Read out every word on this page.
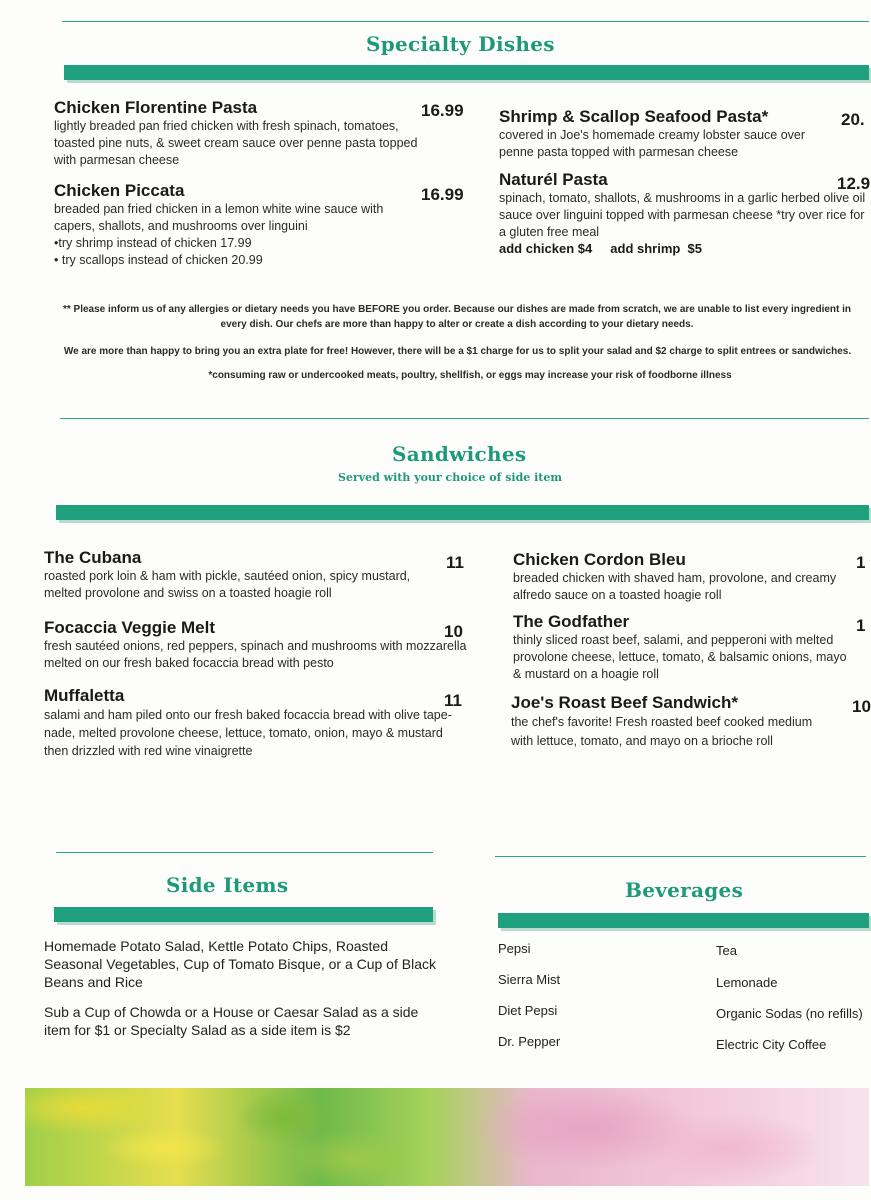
Specialty Dishes
Chicken Florentine Pasta
lightly breaded pan fried chicken with fresh spinach, tomatoes, toasted pine nuts, & sweet cream sauce over penne pasta topped with parmesan cheese
16.99
Chicken Piccata
breaded pan fried chicken in a lemon white wine sauce with capers, shallots, and mushrooms over linguini
•try shrimp instead of chicken 17.99
• try scallops instead of chicken 20.99
16.99
Shrimp & Scallop Seafood Pasta*
covered in Joe's homemade creamy lobster sauce over penne pasta topped with parmesan cheese
20.
Naturél Pasta
spinach, tomato, shallots, & mushrooms in a garlic herbed olive oil sauce over linguini topped with parmesan cheese *try over rice for a gluten free meal
add chicken $4     add shrimp  $5
12.9
** Please inform us of any allergies or dietary needs you have BEFORE you order. Because our dishes are made from scratch, we are unable to list every ingredient in every dish. Our chefs are more than happy to alter or create a dish according to your dietary needs.
We are more than happy to bring you an extra plate for free! However, there will be a $1 charge for us to split your salad and $2 charge to split entrees or sandwiches.
*consuming raw or undercooked meats, poultry, shellfish, or eggs may increase your risk of foodborne illness
Sandwiches
Served with your choice of side item
The Cubana
roasted pork loin & ham with pickle, sautéed onion, spicy mustard, melted provolone and swiss on a toasted hoagie roll
11
Focaccia Veggie Melt
fresh sautéed onions, red peppers, spinach and mushrooms with mozzarella melted on our fresh baked focaccia bread with pesto
10
Muffaletta
salami and ham piled onto our fresh baked focaccia bread with olive tape-nade, melted provolone cheese, lettuce, tomato, onion, mayo & mustard then drizzled with red wine vinaigrette
11
Chicken Cordon Bleu
breaded chicken with shaved ham, provolone, and creamy alfredo sauce on a toasted hoagie roll
1
The Godfather
thinly sliced roast beef, salami, and pepperoni with melted provolone cheese, lettuce, tomato, & balsamic onions, mayo & mustard on a hoagie roll
1
Joe's Roast Beef Sandwich*
the chef's favorite! Fresh roasted beef cooked medium with lettuce, tomato, and mayo on a brioche roll
10
Side Items
Homemade Potato Salad, Kettle Potato Chips, Roasted Seasonal Vegetables, Cup of Tomato Bisque, or a Cup of Black Beans and Rice
Sub a Cup of Chowda or a House or Caesar Salad as a side item for $1 or Specialty Salad as a side item is $2
Beverages
Pepsi
Sierra Mist
Diet Pepsi
Dr. Pepper
Tea
Lemonade
Organic Sodas (no refills)
Electric City Coffee
